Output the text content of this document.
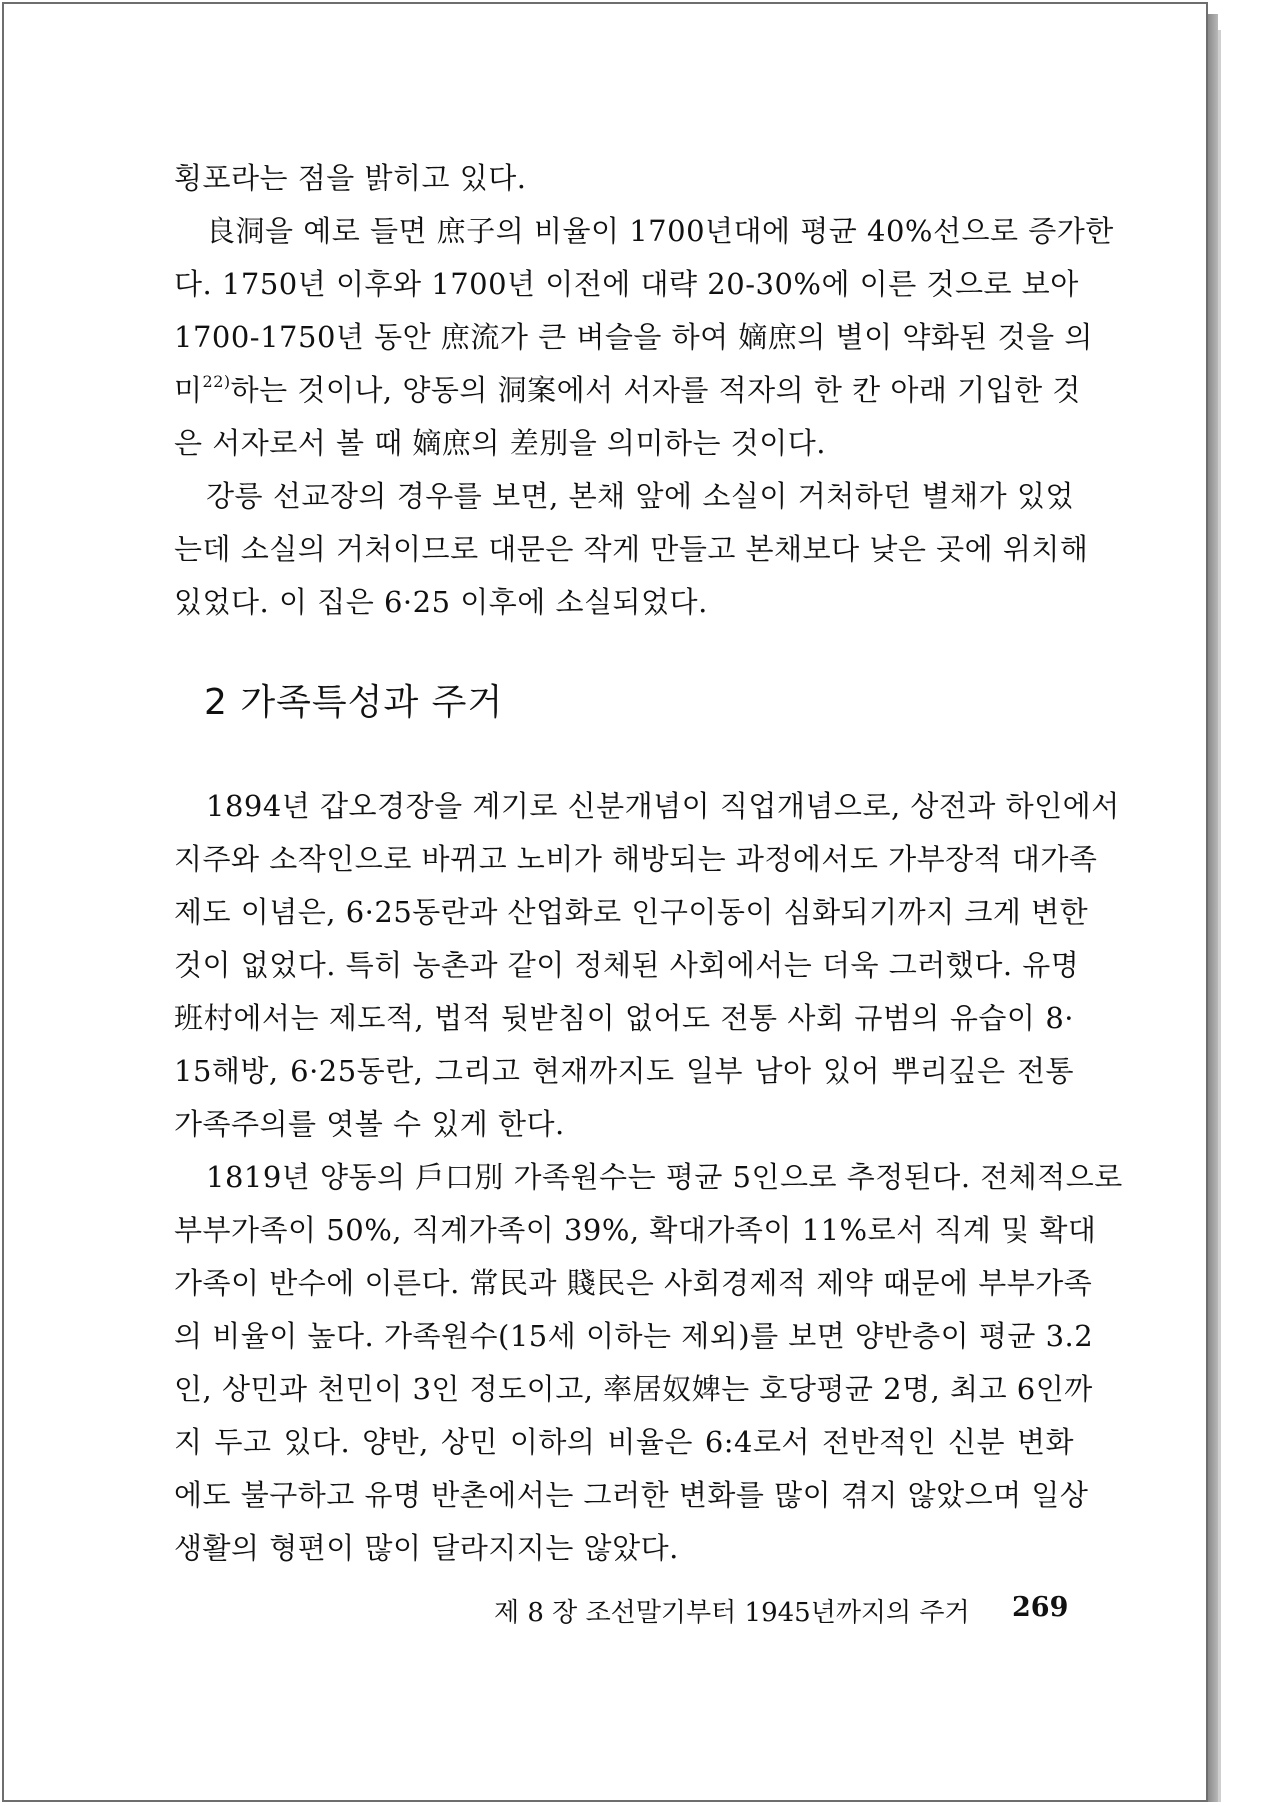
횡포라는 점을 밝히고 있다.
良洞을 예로 들면 庶子의 비율이 1700년대에 평균 40%선으로 증가한
다. 1750년 이후와 1700년 이전에 대략 20-30%에 이른 것으로 보아
1700-1750년 동안 庶流가 큰 벼슬을 하여 嫡庶의 별이 약화된 것을 의
미$^{22)}$하는 것이나, 양동의 洞案에서 서자를 적자의 한 칸 아래 기입한 것
은 서자로서 볼 때 嫡庶의 差別을 의미하는 것이다.
강릉 선교장의 경우를 보면, 본채 앞에 소실이 거처하던 별채가 있었
는데 소실의 거처이므로 대문은 작게 만들고 본채보다 낮은 곳에 위치해
있었다. 이 집은 6·25 이후에 소실되었다.
2 가족특성과 주거
1894년 갑오경장을 계기로 신분개념이 직업개념으로, 상전과 하인에서
지주와 소작인으로 바뀌고 노비가 해방되는 과정에서도 가부장적 대가족
제도 이념은, 6·25동란과 산업화로 인구이동이 심화되기까지 크게 변한
것이 없었다. 특히 농촌과 같이 정체된 사회에서는 더욱 그러했다. 유명
班村에서는 제도적, 법적 뒷받침이 없어도 전통 사회 규범의 유습이 8·
15해방, 6·25동란, 그리고 현재까지도 일부 남아 있어 뿌리깊은 전통
가족주의를 엿볼 수 있게 한다.
1819년 양동의 戶口別 가족원수는 평균 5인으로 추정된다. 전체적으로
부부가족이 50%, 직계가족이 39%, 확대가족이 11%로서 직계 및 확대
가족이 반수에 이른다. 常民과 賤民은 사회경제적 제약 때문에 부부가족
의 비율이 높다. 가족원수(15세 이하는 제외)를 보면 양반층이 평균 3.2
인, 상민과 천민이 3인 정도이고, 率居奴婢는 호당평균 2명, 최고 6인까
지 두고 있다. 양반, 상민 이하의 비율은 6:4로서 전반적인 신분 변화
에도 불구하고 유명 반촌에서는 그러한 변화를 많이 겪지 않았으며 일상
생활의 형편이 많이 달라지지는 않았다.
제 8 장 조선말기부터 1945년까지의 주거 269
